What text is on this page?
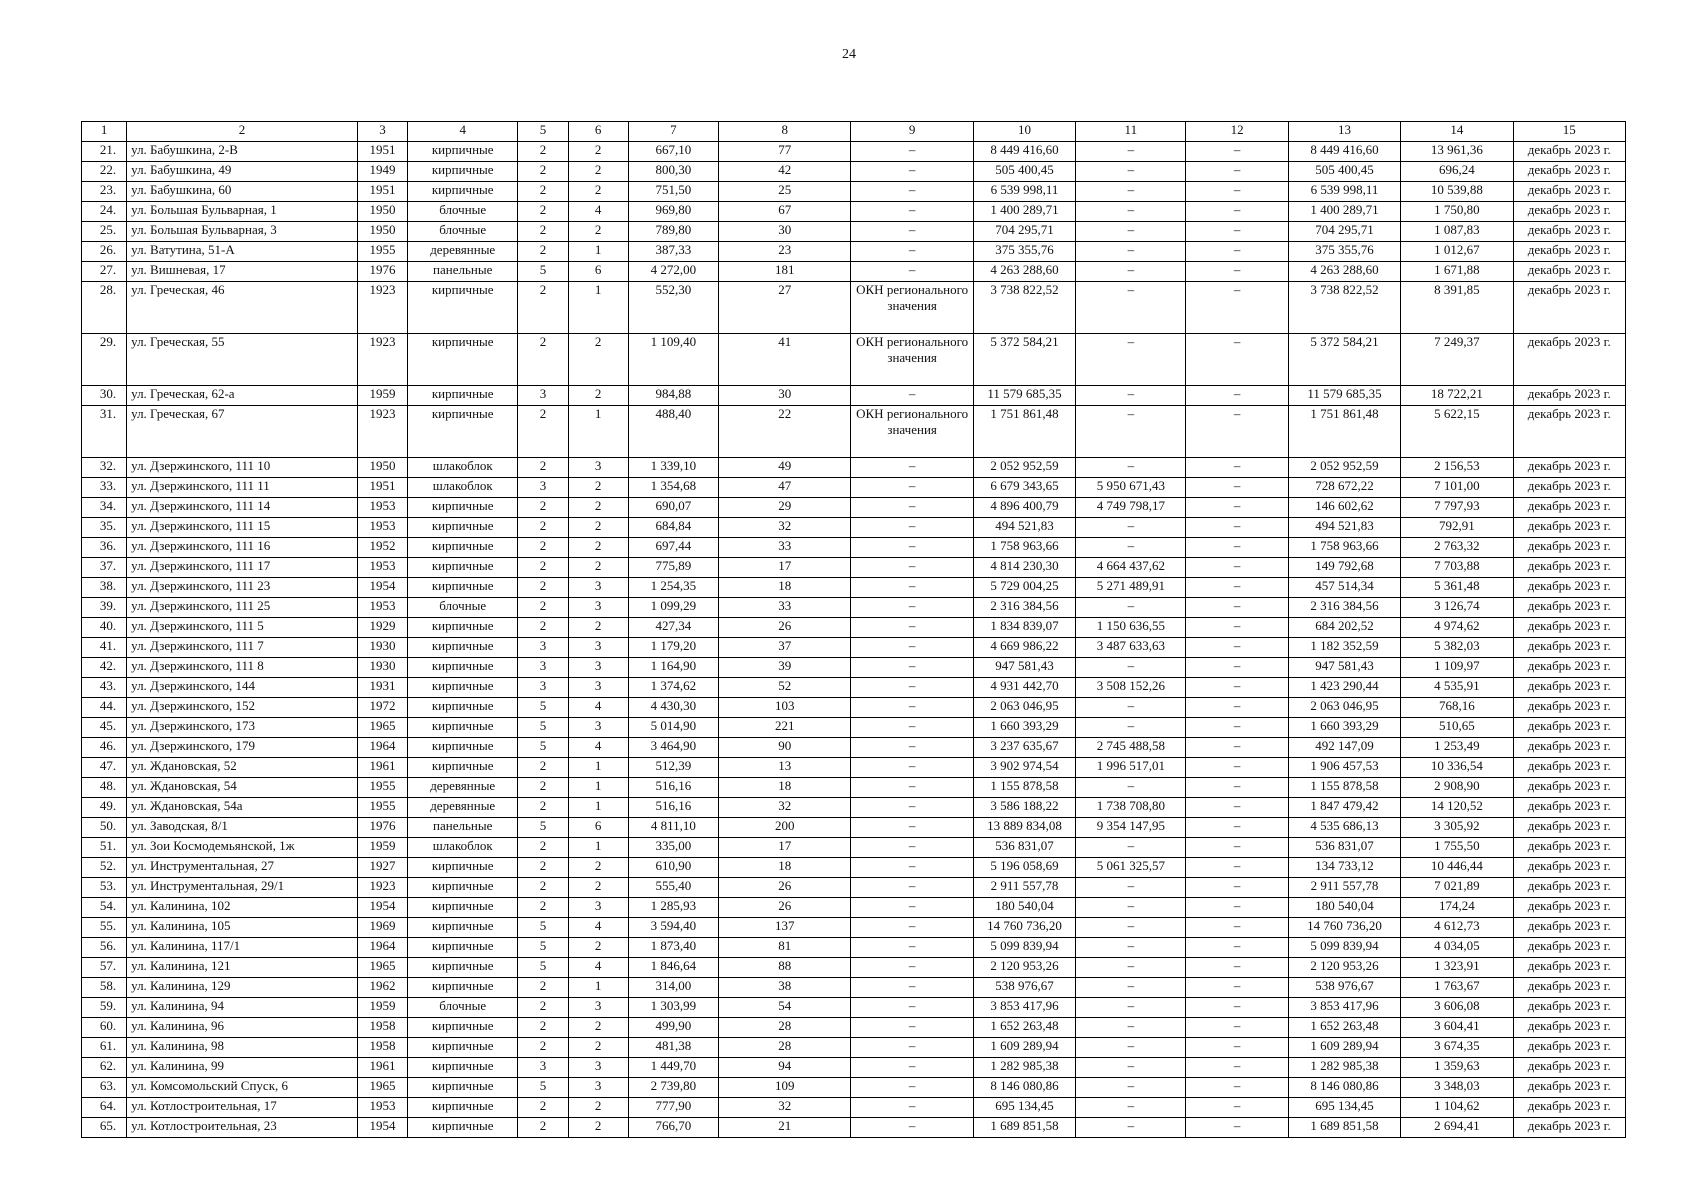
24
1	2	3	4	5	6	7	8	9	10	11	12	13	14	15
21.	ул. Бабушкина, 2-В	1951	кирпичные	2	2	667,10	77	–	8 449 416,60	–	–	8 449 416,60	13 961,36	декабрь 2023 г.
22.	ул. Бабушкина, 49	1949	кирпичные	2	2	800,30	42	–	505 400,45	–	–	505 400,45	696,24	декабрь 2023 г.
23.	ул. Бабушкина, 60	1951	кирпичные	2	2	751,50	25	–	6 539 998,11	–	–	6 539 998,11	10 539,88	декабрь 2023 г.
24.	ул. Большая Бульварная, 1	1950	блочные	2	4	969,80	67	–	1 400 289,71	–	–	1 400 289,71	1 750,80	декабрь 2023 г.
25.	ул. Большая Бульварная, 3	1950	блочные	2	2	789,80	30	–	704 295,71	–	–	704 295,71	1 087,83	декабрь 2023 г.
26.	ул. Ватутина, 51-А	1955	деревянные	2	1	387,33	23	–	375 355,76	–	–	375 355,76	1 012,67	декабрь 2023 г.
27.	ул. Вишневая, 17	1976	панельные	5	6	4 272,00	181	–	4 263 288,60	–	–	4 263 288,60	1 671,88	декабрь 2023 г.
28.	ул. Греческая, 46	1923	кирпичные	2	1	552,30	27	ОКН регионального значения	3 738 822,52	–	–	3 738 822,52	8 391,85	декабрь 2023 г.
29.	ул. Греческая, 55	1923	кирпичные	2	2	1 109,40	41	ОКН регионального значения	5 372 584,21	–	–	5 372 584,21	7 249,37	декабрь 2023 г.
30.	ул. Греческая, 62-а	1959	кирпичные	3	2	984,88	30	–	11 579 685,35	–	–	11 579 685,35	18 722,21	декабрь 2023 г.
31.	ул. Греческая, 67	1923	кирпичные	2	1	488,40	22	ОКН регионального значения	1 751 861,48	–	–	1 751 861,48	5 622,15	декабрь 2023 г.
32.	ул. Дзержинского, 111 10	1950	шлакоблок	2	3	1 339,10	49	–	2 052 952,59	–	–	2 052 952,59	2 156,53	декабрь 2023 г.
33.	ул. Дзержинского, 111 11	1951	шлакоблок	3	2	1 354,68	47	–	6 679 343,65	5 950 671,43	–	728 672,22	7 101,00	декабрь 2023 г.
34.	ул. Дзержинского, 111 14	1953	кирпичные	2	2	690,07	29	–	4 896 400,79	4 749 798,17	–	146 602,62	7 797,93	декабрь 2023 г.
35.	ул. Дзержинского, 111 15	1953	кирпичные	2	2	684,84	32	–	494 521,83	–	–	494 521,83	792,91	декабрь 2023 г.
36.	ул. Дзержинского, 111 16	1952	кирпичные	2	2	697,44	33	–	1 758 963,66	–	–	1 758 963,66	2 763,32	декабрь 2023 г.
37.	ул. Дзержинского, 111 17	1953	кирпичные	2	2	775,89	17	–	4 814 230,30	4 664 437,62	–	149 792,68	7 703,88	декабрь 2023 г.
38.	ул. Дзержинского, 111 23	1954	кирпичные	2	3	1 254,35	18	–	5 729 004,25	5 271 489,91	–	457 514,34	5 361,48	декабрь 2023 г.
39.	ул. Дзержинского, 111 25	1953	блочные	2	3	1 099,29	33	–	2 316 384,56	–	–	2 316 384,56	3 126,74	декабрь 2023 г.
40.	ул. Дзержинского, 111 5	1929	кирпичные	2	2	427,34	26	–	1 834 839,07	1 150 636,55	–	684 202,52	4 974,62	декабрь 2023 г.
41.	ул. Дзержинского, 111 7	1930	кирпичные	3	3	1 179,20	37	–	4 669 986,22	3 487 633,63	–	1 182 352,59	5 382,03	декабрь 2023 г.
42.	ул. Дзержинского, 111 8	1930	кирпичные	3	3	1 164,90	39	–	947 581,43	–	–	947 581,43	1 109,97	декабрь 2023 г.
43.	ул. Дзержинского, 144	1931	кирпичные	3	3	1 374,62	52	–	4 931 442,70	3 508 152,26	–	1 423 290,44	4 535,91	декабрь 2023 г.
44.	ул. Дзержинского, 152	1972	кирпичные	5	4	4 430,30	103	–	2 063 046,95	–	–	2 063 046,95	768,16	декабрь 2023 г.
45.	ул. Дзержинского, 173	1965	кирпичные	5	3	5 014,90	221	–	1 660 393,29	–	–	1 660 393,29	510,65	декабрь 2023 г.
46.	ул. Дзержинского, 179	1964	кирпичные	5	4	3 464,90	90	–	3 237 635,67	2 745 488,58	–	492 147,09	1 253,49	декабрь 2023 г.
47.	ул. Ждановская, 52	1961	кирпичные	2	1	512,39	13	–	3 902 974,54	1 996 517,01	–	1 906 457,53	10 336,54	декабрь 2023 г.
48.	ул. Ждановская, 54	1955	деревянные	2	1	516,16	18	–	1 155 878,58	–	–	1 155 878,58	2 908,90	декабрь 2023 г.
49.	ул. Ждановская, 54а	1955	деревянные	2	1	516,16	32	–	3 586 188,22	1 738 708,80	–	1 847 479,42	14 120,52	декабрь 2023 г.
50.	ул. Заводская, 8/1	1976	панельные	5	6	4 811,10	200	–	13 889 834,08	9 354 147,95	–	4 535 686,13	3 305,92	декабрь 2023 г.
51.	ул. Зои Космодемьянской, 1ж	1959	шлакоблок	2	1	335,00	17	–	536 831,07	–	–	536 831,07	1 755,50	декабрь 2023 г.
52.	ул. Инструментальная, 27	1927	кирпичные	2	2	610,90	18	–	5 196 058,69	5 061 325,57	–	134 733,12	10 446,44	декабрь 2023 г.
53.	ул. Инструментальная, 29/1	1923	кирпичные	2	2	555,40	26	–	2 911 557,78	–	–	2 911 557,78	7 021,89	декабрь 2023 г.
54.	ул. Калинина, 102	1954	кирпичные	2	3	1 285,93	26	–	180 540,04	–	–	180 540,04	174,24	декабрь 2023 г.
55.	ул. Калинина, 105	1969	кирпичные	5	4	3 594,40	137	–	14 760 736,20	–	–	14 760 736,20	4 612,73	декабрь 2023 г.
56.	ул. Калинина, 117/1	1964	кирпичные	5	2	1 873,40	81	–	5 099 839,94	–	–	5 099 839,94	4 034,05	декабрь 2023 г.
57.	ул. Калинина, 121	1965	кирпичные	5	4	1 846,64	88	–	2 120 953,26	–	–	2 120 953,26	1 323,91	декабрь 2023 г.
58.	ул. Калинина, 129	1962	кирпичные	2	1	314,00	38	–	538 976,67	–	–	538 976,67	1 763,67	декабрь 2023 г.
59.	ул. Калинина, 94	1959	блочные	2	3	1 303,99	54	–	3 853 417,96	–	–	3 853 417,96	3 606,08	декабрь 2023 г.
60.	ул. Калинина, 96	1958	кирпичные	2	2	499,90	28	–	1 652 263,48	–	–	1 652 263,48	3 604,41	декабрь 2023 г.
61.	ул. Калинина, 98	1958	кирпичные	2	2	481,38	28	–	1 609 289,94	–	–	1 609 289,94	3 674,35	декабрь 2023 г.
62.	ул. Калинина, 99	1961	кирпичные	3	3	1 449,70	94	–	1 282 985,38	–	–	1 282 985,38	1 359,63	декабрь 2023 г.
63.	ул. Комсомольский Спуск, 6	1965	кирпичные	5	3	2 739,80	109	–	8 146 080,86	–	–	8 146 080,86	3 348,03	декабрь 2023 г.
64.	ул. Котлостроительная, 17	1953	кирпичные	2	2	777,90	32	–	695 134,45	–	–	695 134,45	1 104,62	декабрь 2023 г.
65.	ул. Котлостроительная, 23	1954	кирпичные	2	2	766,70	21	–	1 689 851,58	–	–	1 689 851,58	2 694,41	декабрь 2023 г.
